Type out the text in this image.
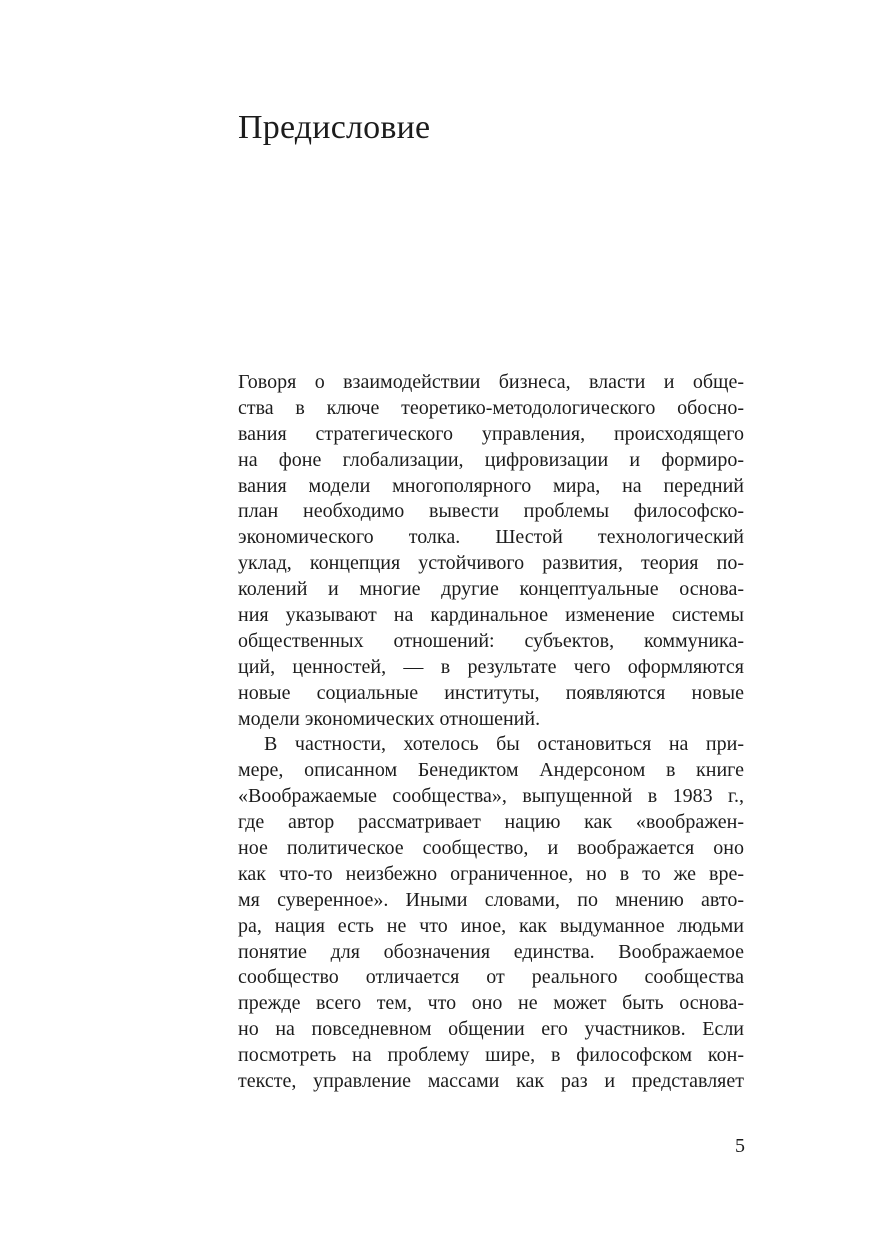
Предисловие
Говоря о взаимодействии бизнеса, власти и обще-
ства в ключе теоретико-методологического обосно-
вания стратегического управления, происходящего
на фоне глобализации, цифровизации и формиро-
вания модели многополярного мира, на передний
план необходимо вывести проблемы философско-
экономического толка. Шестой технологический
уклад, концепция устойчивого развития, теория по-
колений и многие другие концептуальные основа-
ния указывают на кардинальное изменение системы
общественных отношений: субъектов, коммуника-
ций, ценностей, — в результате чего оформляются
новые социальные институты, появляются новые
модели экономических отношений.
В частности, хотелось бы остановиться на при-
мере, описанном Бенедиктом Андерсоном в книге
«Воображаемые сообщества», выпущенной в 1983 г.,
где автор рассматривает нацию как «воображен-
ное политическое сообщество, и воображается оно
как что-то неизбежно ограниченное, но в то же вре-
мя суверенное». Иными словами, по мнению авто-
ра, нация есть не что иное, как выдуманное людьми
понятие для обозначения единства. Воображаемое
сообщество отличается от реального сообщества
прежде всего тем, что оно не может быть основа-
но на повседневном общении его участников. Если
посмотреть на проблему шире, в философском кон-
тексте, управление массами как раз и представляет
5
